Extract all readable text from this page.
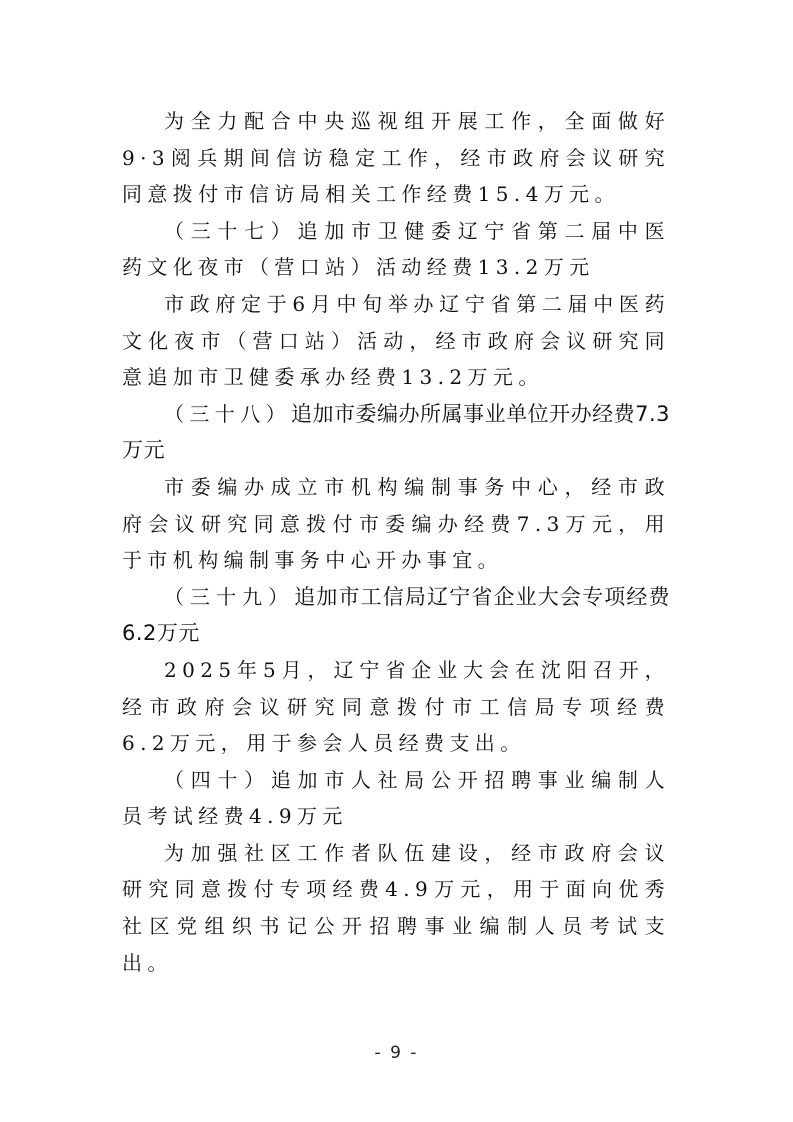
为全力配合中央巡视组开展工作，全面做好9·3阅兵期间信访稳定工作，经市政府会议研究同意拨付市信访局相关工作经费15.4万元。

（三十七）追加市卫健委辽宁省第二届中医药文化夜市（营口站）活动经费13.2万元

市政府定于6月中旬举办辽宁省第二届中医药文化夜市（营口站）活动，经市政府会议研究同意追加市卫健委承办经费13.2万元。

（三十八）追加市委编办所属事业单位开办经费7.3万元

市委编办成立市机构编制事务中心，经市政府会议研究同意拨付市委编办经费7.3万元，用于市机构编制事务中心开办事宜。

（三十九）追加市工信局辽宁省企业大会专项经费6.2万元

2025年5月，辽宁省企业大会在沈阳召开，经市政府会议研究同意拨付市工信局专项经费6.2万元，用于参会人员经费支出。

（四十）追加市人社局公开招聘事业编制人员考试经费4.9万元

为加强社区工作者队伍建设，经市政府会议研究同意拨付专项经费4.9万元，用于面向优秀社区党组织书记公开招聘事业编制人员考试支出。

- 9 -
